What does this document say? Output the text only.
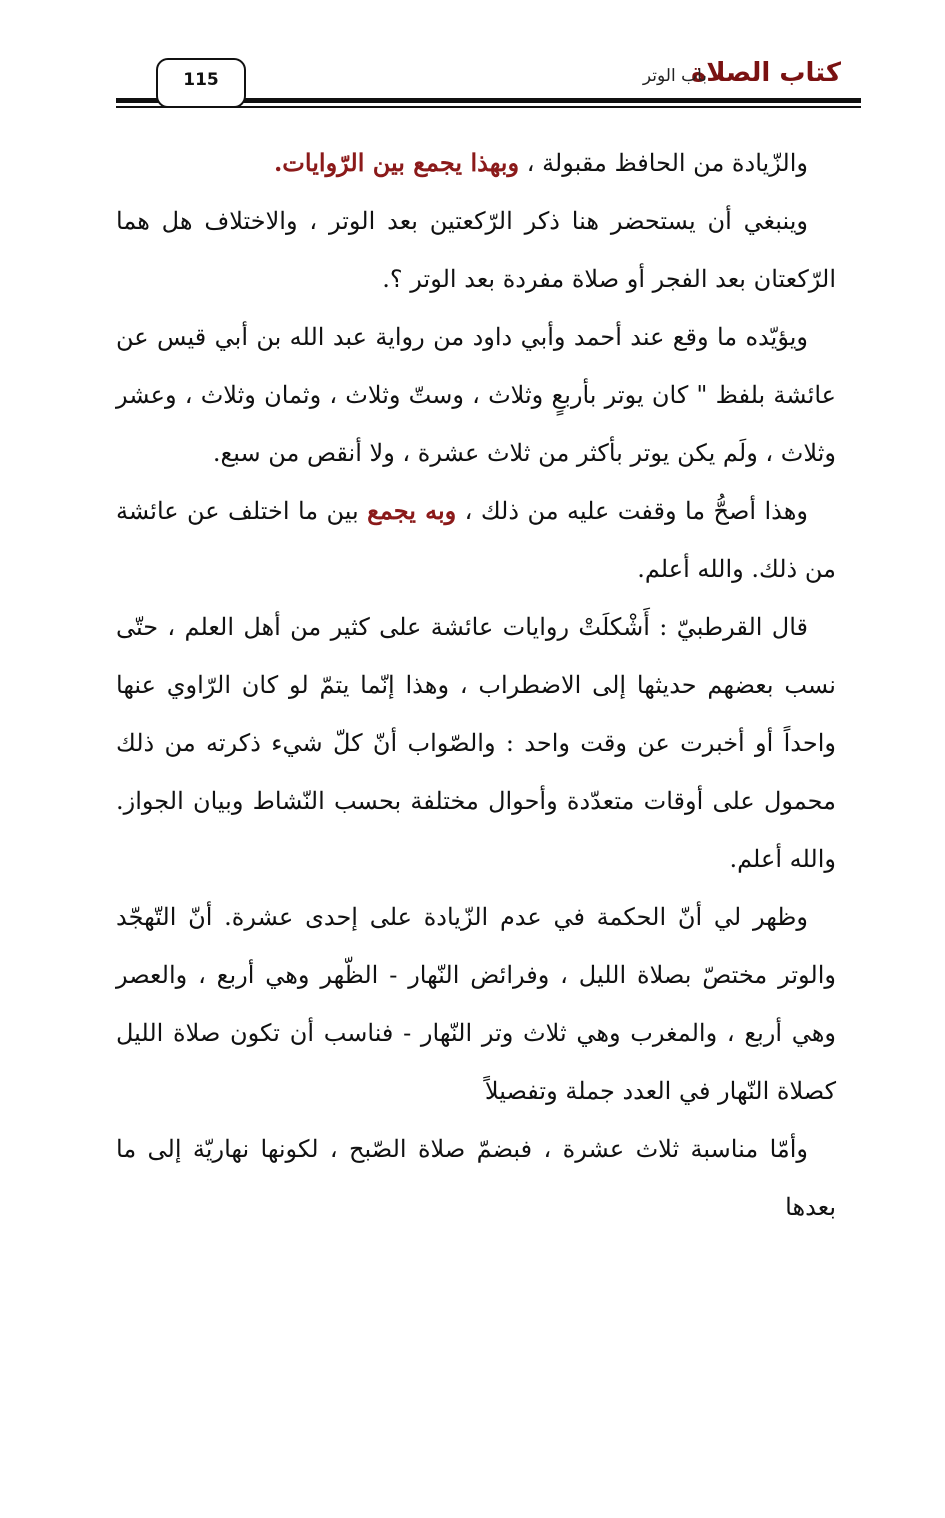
كتاب الصلاة
باب الوتر
115

والزّيادة من الحافظ مقبولة ، وبهذا يجمع بين الرّوايات.

وينبغي أن يستحضر هنا ذكر الرّكعتين بعد الوتر ، والاختلاف هل هما الرّكعتان بعد الفجر أو صلاة مفردة بعد الوتر ؟.

ويؤيّده ما وقع عند أحمد وأبي داود من رواية عبد الله بن أبي قيس عن عائشة بلفظ " كان يوتر بأربعٍ وثلاث ، وستّ وثلاث ، وثمان وثلاث ، وعشر وثلاث ، ولَم يكن يوتر بأكثر من ثلاث عشرة ، ولا أنقص من سبع.

وهذا أصحُّ ما وقفت عليه من ذلك ، وبه يجمع بين ما اختلف عن عائشة من ذلك. والله أعلم.

قال القرطبيّ : أَشْكلَتْ روايات عائشة على كثير من أهل العلم ، حتّى نسب بعضهم حديثها إلى الاضطراب ، وهذا إنّما يتمّ لو كان الرّاوي عنها واحداً أو أخبرت عن وقت واحد : والصّواب أنّ كلّ شيء ذكرته من ذلك محمول على أوقات متعدّدة وأحوال مختلفة بحسب النّشاط وبيان الجواز. والله أعلم.

وظهر لي أنّ الحكمة في عدم الزّيادة على إحدى عشرة. أنّ التّهجّد والوتر مختصّ بصلاة الليل ، وفرائض النّهار - الظّهر وهي أربع ، والعصر وهي أربع ، والمغرب وهي ثلاث وتر النّهار - فناسب أن تكون صلاة الليل كصلاة النّهار في العدد جملة وتفصيلاً

وأمّا مناسبة ثلاث عشرة ، فبضمّ صلاة الصّبح ، لكونها نهاريّة إلى ما بعدها
